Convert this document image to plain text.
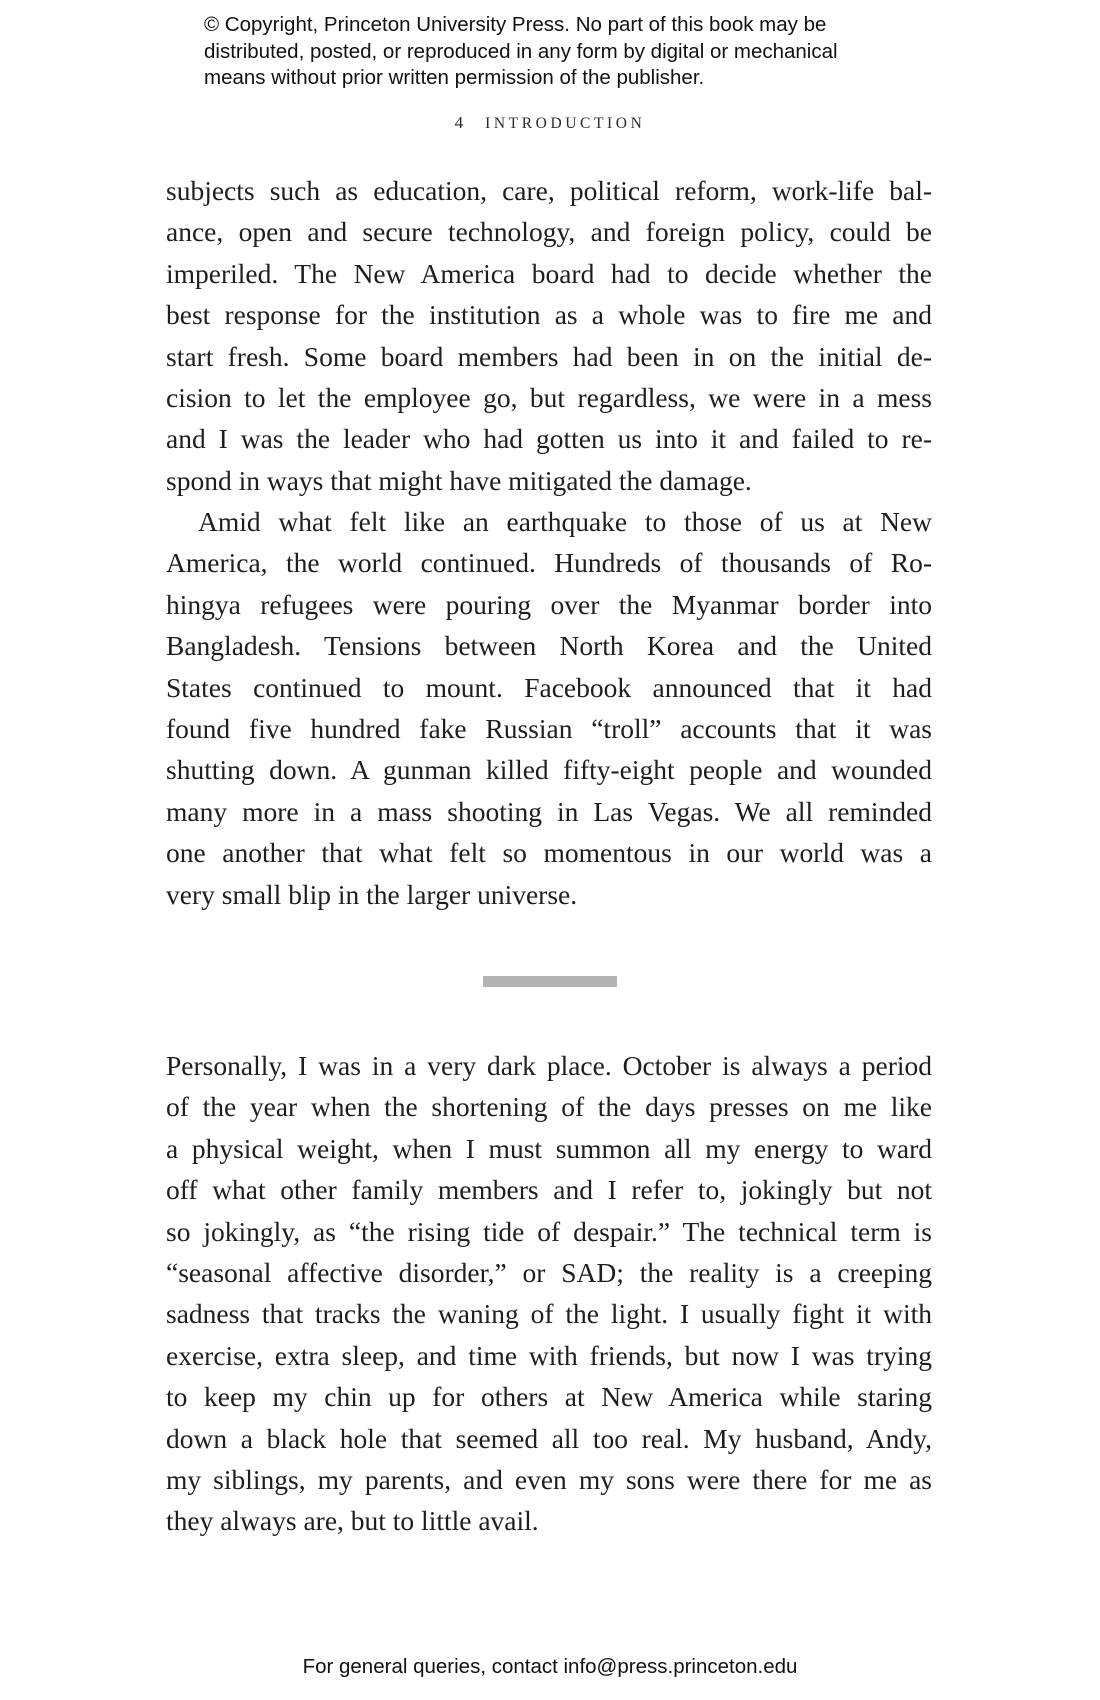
© Copyright, Princeton University Press. No part of this book may be
distributed, posted, or reproduced in any form by digital or mechanical
means without prior written permission of the publisher.
4 INTRODUCTION
subjects such as education, care, political reform, work-life bal-
ance, open and secure technology, and foreign policy, could be
imperiled. The New America board had to decide whether the
best response for the institution as a whole was to fire me and
start fresh. Some board members had been in on the initial de-
cision to let the employee go, but regardless, we were in a mess
and I was the leader who had gotten us into it and failed to re-
spond in ways that might have mitigated the damage.
Amid what felt like an earthquake to those of us at New
America, the world continued. Hundreds of thousands of Ro-
hingya refugees were pouring over the Myanmar border into
Bangladesh. Tensions between North Korea and the United
States continued to mount. Facebook announced that it had
found five hundred fake Russian “troll” accounts that it was
shutting down. A gunman killed fifty-eight people and wounded
many more in a mass shooting in Las Vegas. We all reminded
one another that what felt so momentous in our world was a
very small blip in the larger universe.
Personally, I was in a very dark place. October is always a period
of the year when the shortening of the days presses on me like
a physical weight, when I must summon all my energy to ward
off what other family members and I refer to, jokingly but not
so jokingly, as “the rising tide of despair.” The technical term is
“seasonal affective disorder,” or SAD; the reality is a creeping
sadness that tracks the waning of the light. I usually fight it with
exercise, extra sleep, and time with friends, but now I was trying
to keep my chin up for others at New America while staring
down a black hole that seemed all too real. My husband, Andy,
my siblings, my parents, and even my sons were there for me as
they always are, but to little avail.
For general queries, contact info@press.princeton.edu
